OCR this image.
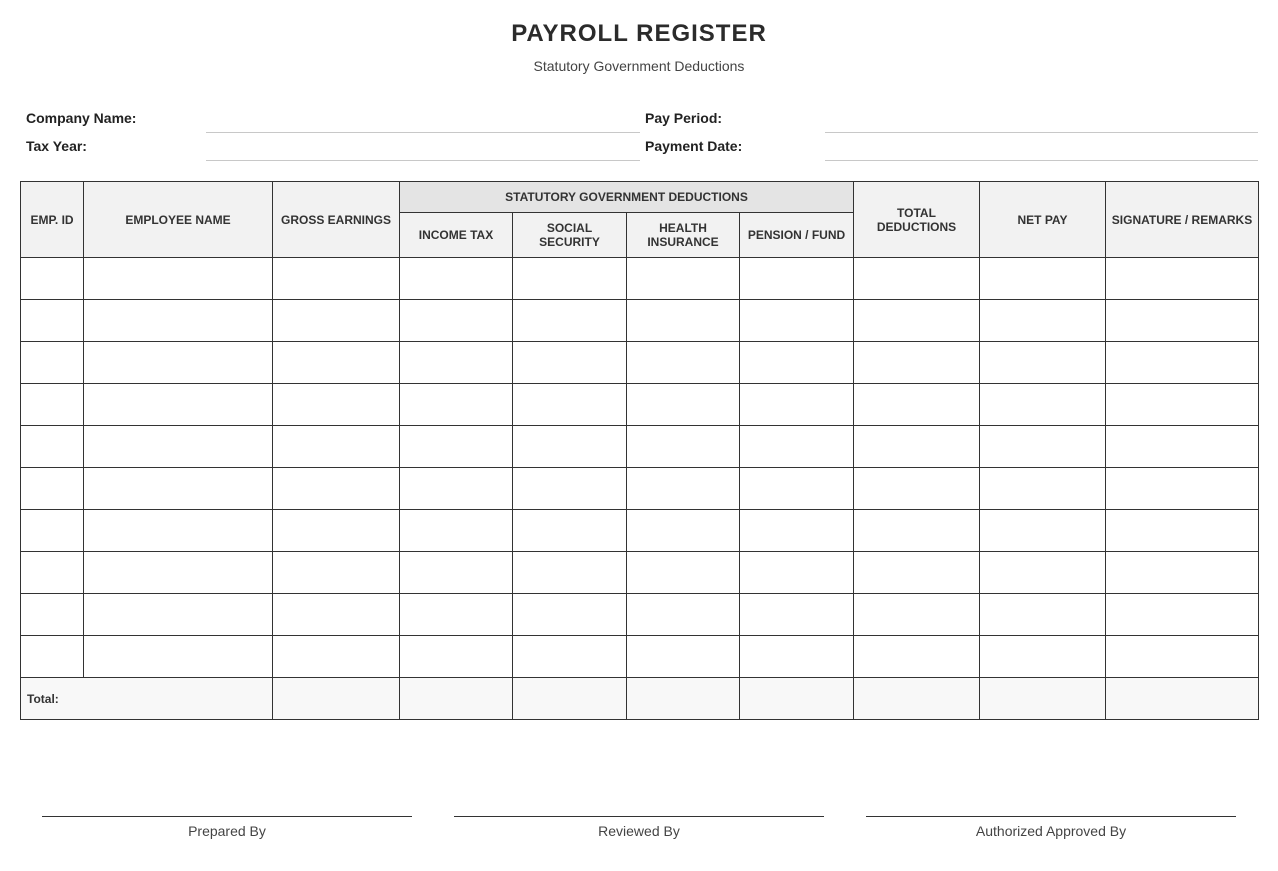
PAYROLL REGISTER
Statutory Government Deductions
Company Name:	Pay Period:
Tax Year:	Payment Date:
EMP. ID	EMPLOYEE NAME	GROSS EARNINGS	STATUTORY GOVERNMENT DEDUCTIONS				TOTAL DEDUCTIONS	NET PAY	SIGNATURE / REMARKS
			INCOME TAX	SOCIAL SECURITY	HEALTH INSURANCE	PENSION / FUND			

Total:									
Prepared By	Reviewed By	Authorized Approved By
